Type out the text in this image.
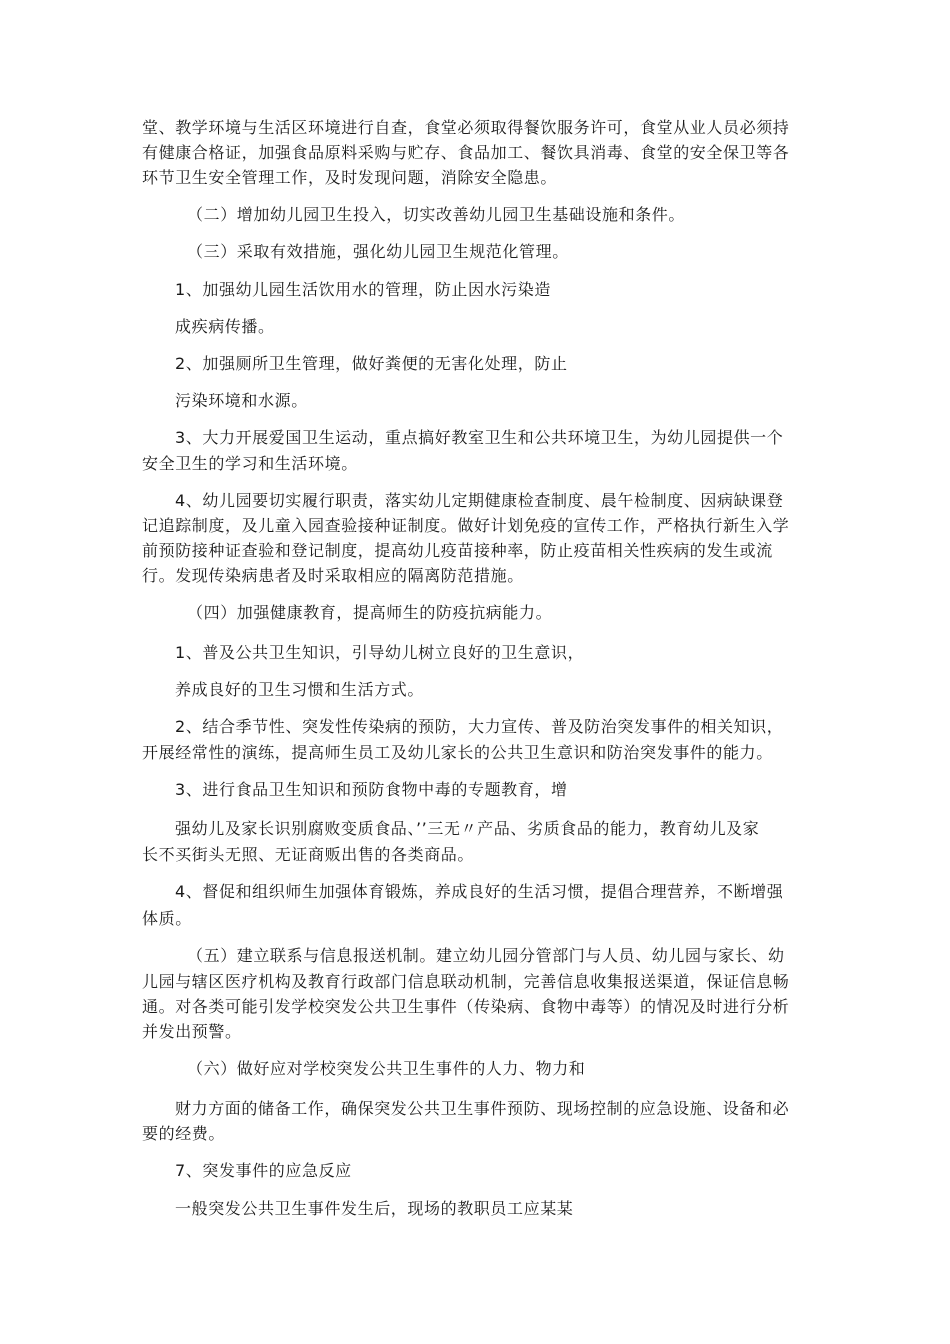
堂、教学环境与生活区环境进行自查，食堂必须取得餐饮服务许可，食堂从业人员必须持
有健康合格证，加强食品原料采购与贮存、食品加工、餐饮具消毒、食堂的安全保卫等各
环节卫生安全管理工作，及时发现问题，消除安全隐患。
（二）增加幼儿园卫生投入，切实改善幼儿园卫生基础设施和条件。
（三）采取有效措施，强化幼儿园卫生规范化管理。
1、加强幼儿园生活饮用水的管理，防止因水污染造
成疾病传播。
2、加强厕所卫生管理，做好粪便的无害化处理，防止
污染环境和水源。
3、大力开展爱国卫生运动，重点搞好教室卫生和公共环境卫生，为幼儿园提供一个
安全卫生的学习和生活环境。
4、幼儿园要切实履行职责，落实幼儿定期健康检查制度、晨午检制度、因病缺课登
记追踪制度，及儿童入园查验接种证制度。做好计划免疫的宣传工作，严格执行新生入学
前预防接种证查验和登记制度，提高幼儿疫苗接种率，防止疫苗相关性疾病的发生或流
行。发现传染病患者及时采取相应的隔离防范措施。
（四）加强健康教育，提高师生的防疫抗病能力。
1、普及公共卫生知识，引导幼儿树立良好的卫生意识，
养成良好的卫生习惯和生活方式。
2、结合季节性、突发性传染病的预防，大力宣传、普及防治突发事件的相关知识，
开展经常性的演练，提高师生员工及幼儿家长的公共卫生意识和防治突发事件的能力。
3、进行食品卫生知识和预防食物中毒的专题教育，增
强幼儿及家长识别腐败变质食品、’’三无〃产品、劣质食品的能力，教育幼儿及家
长不买街头无照、无证商贩出售的各类商品。
4、督促和组织师生加强体育锻炼，养成良好的生活习惯，提倡合理营养，不断增强
体质。
（五）建立联系与信息报送机制。建立幼儿园分管部门与人员、幼儿园与家长、幼
儿园与辖区医疗机构及教育行政部门信息联动机制，完善信息收集报送渠道，保证信息畅
通。对各类可能引发学校突发公共卫生事件（传染病、食物中毒等）的情况及时进行分析
并发出预警。
（六）做好应对学校突发公共卫生事件的人力、物力和
财力方面的储备工作，确保突发公共卫生事件预防、现场控制的应急设施、设备和必
要的经费。
7、突发事件的应急反应
一般突发公共卫生事件发生后，现场的教职员工应某某
